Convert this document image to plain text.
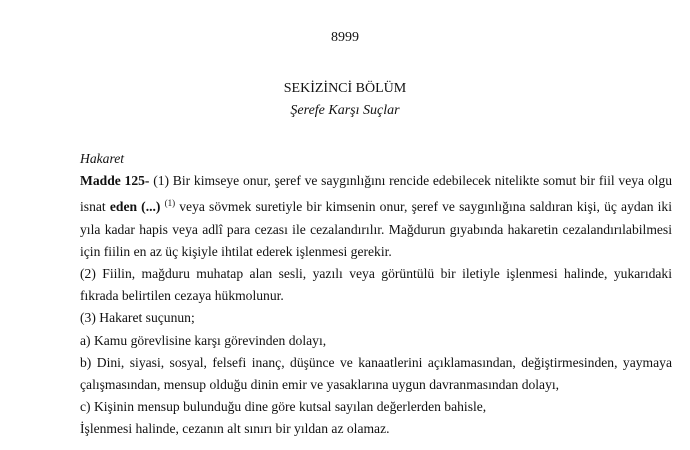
8999
SEKİZİNCİ BÖLÜM
Şerefe Karşı Suçlar

Hakaret

Madde 125- (1) Bir kimseye onur, şeref ve saygınlığını rencide edebilecek nitelikte somut bir fiil veya olgu isnat eden (...) $^{(1)}$ veya sövmek suretiyle bir kimsenin onur, şeref ve saygınlığına saldıran kişi, üç aydan iki yıla kadar hapis veya adlî para cezası ile cezalandırılır. Mağdurun gıyabında hakaretin cezalandırılabilmesi için fiilin en az üç kişiyle ihtilat ederek işlenmesi gerekir.

(2) Fiilin, mağduru muhatap alan sesli, yazılı veya görüntülü bir iletiyle işlenmesi halinde, yukarıdaki fıkrada belirtilen cezaya hükmolunur.

(3) Hakaret suçunun;

a) Kamu görevlisine karşı görevinden dolayı,

b) Dini, siyasi, sosyal, felsefi inanç, düşünce ve kanaatlerini açıklamasından, değiştirmesinden, yaymaya çalışmasından, mensup olduğu dinin emir ve yasaklarına uygun davranmasından dolayı,

c) Kişinin mensup bulunduğu dine göre kutsal sayılan değerlerden bahisle,

İşlenmesi halinde, cezanın alt sınırı bir yıldan az olamaz.
